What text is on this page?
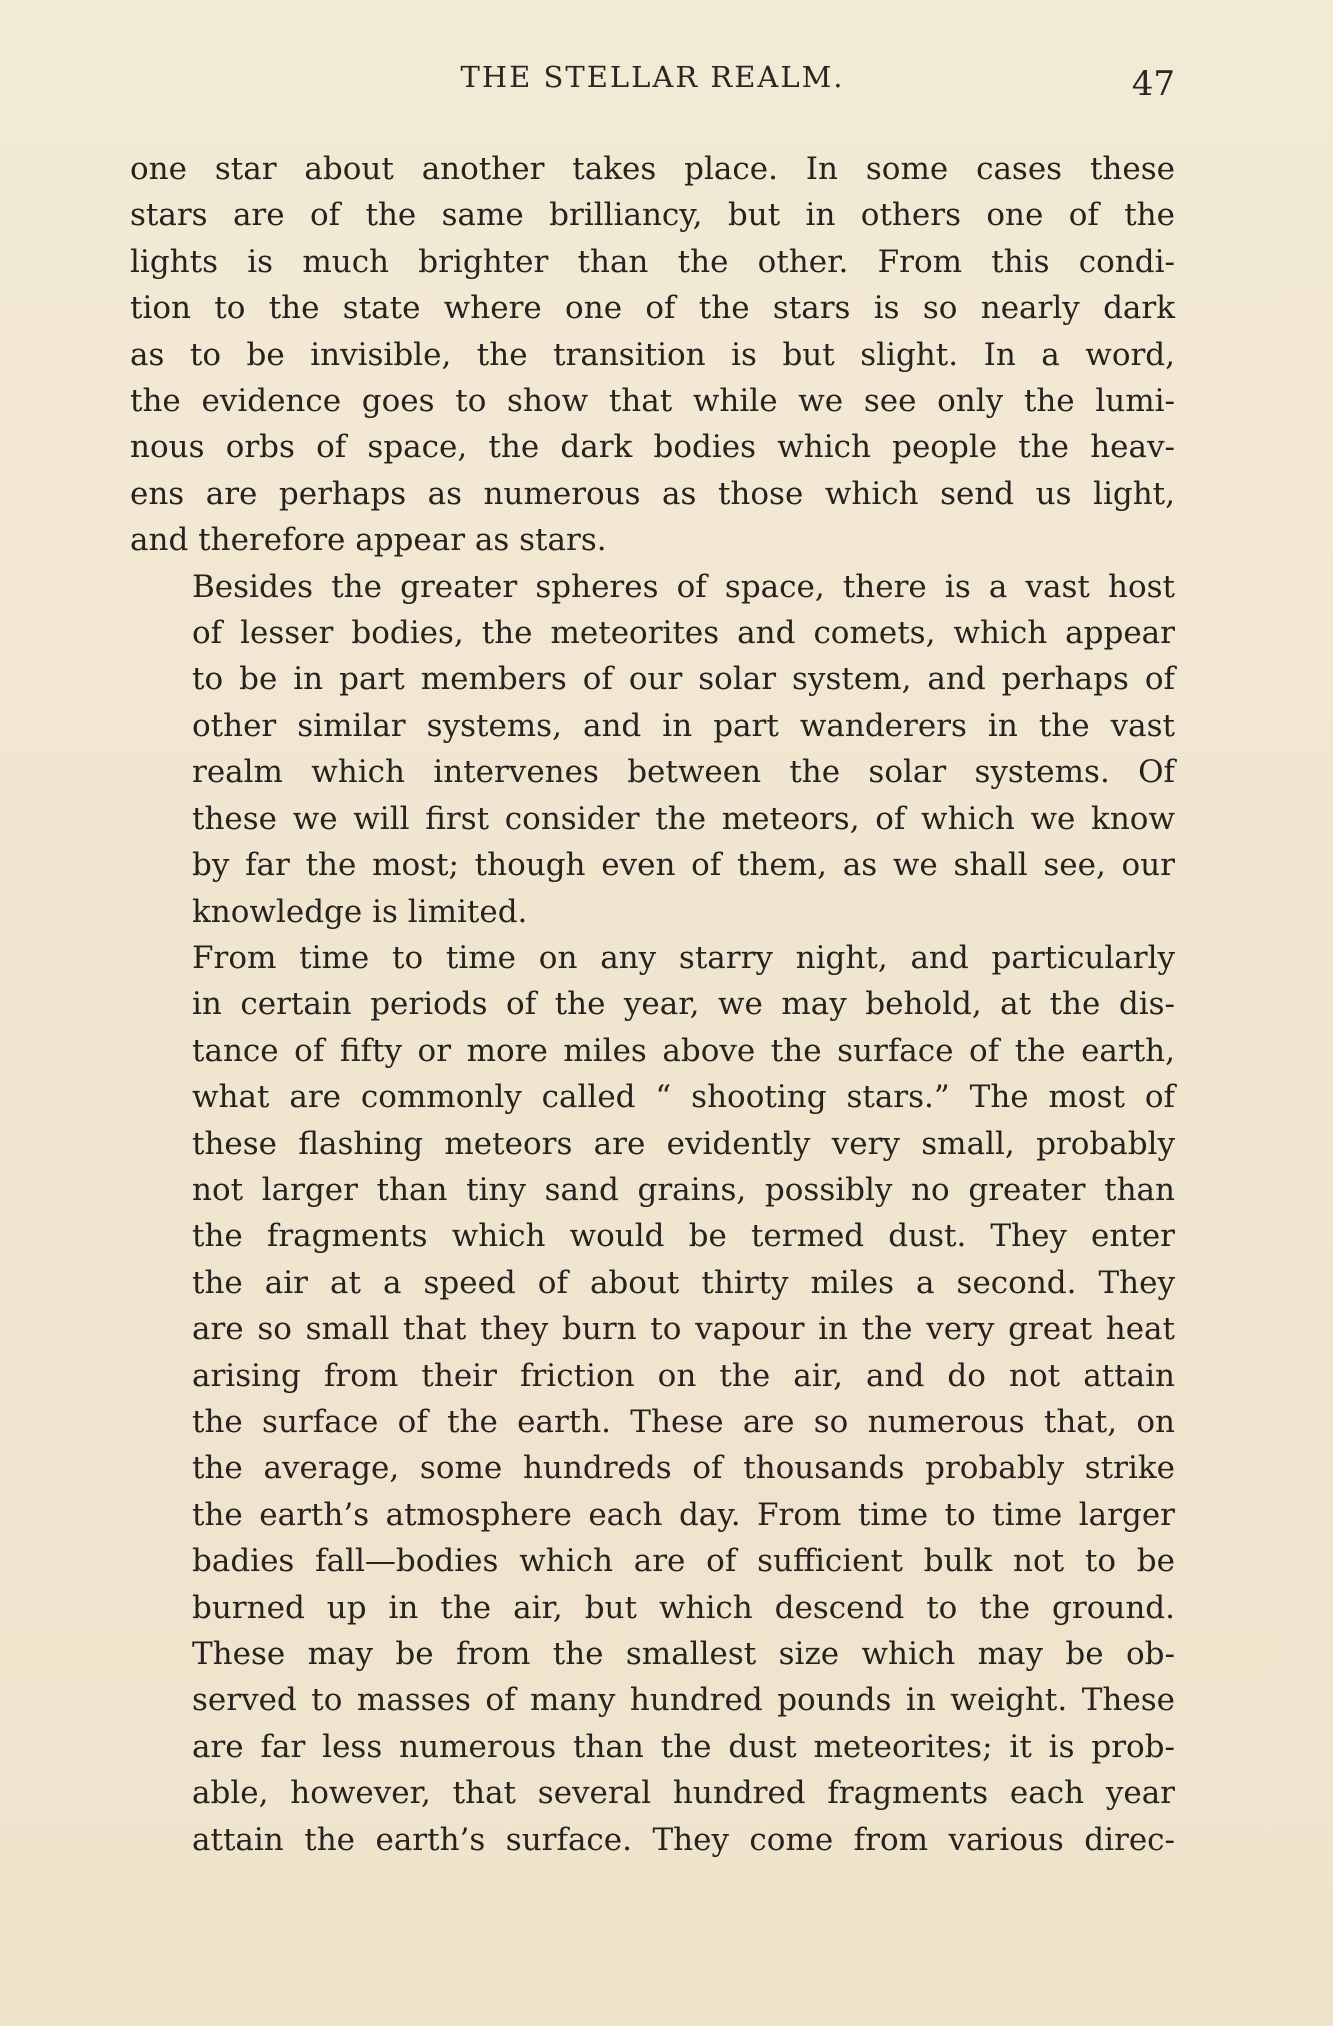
THE STELLAR REALM.	47

one star about another takes place. In some cases these
stars are of the same brilliancy, but in others one of the
lights is much brighter than the other. From this condi-
tion to the state where one of the stars is so nearly dark
as to be invisible, the transition is but slight. In a word,
the evidence goes to show that while we see only the lumi-
nous orbs of space, the dark bodies which people the heav-
ens are perhaps as numerous as those which send us light,
and therefore appear as stars.

Besides the greater spheres of space, there is a vast host
of lesser bodies, the meteorites and comets, which appear
to be in part members of our solar system, and perhaps of
other similar systems, and in part wanderers in the vast
realm which intervenes between the solar systems. Of
these we will first consider the meteors, of which we know
by far the most; though even of them, as we shall see, our
knowledge is limited.

From time to time on any starry night, and particularly
in certain periods of the year, we may behold, at the dis-
tance of fifty or more miles above the surface of the earth,
what are commonly called “ shooting stars.” The most of
these flashing meteors are evidently very small, probably
not larger than tiny sand grains, possibly no greater than
the fragments which would be termed dust. They enter
the air at a speed of about thirty miles a second. They
are so small that they burn to vapour in the very great heat
arising from their friction on the air, and do not attain
the surface of the earth. These are so numerous that, on
the average, some hundreds of thousands probably strike
the earth’s atmosphere each day. From time to time larger
badies fall—bodies which are of sufficient bulk not to be
burned up in the air, but which descend to the ground.
These may be from the smallest size which may be ob-
served to masses of many hundred pounds in weight. These
are far less numerous than the dust meteorites; it is prob-
able, however, that several hundred fragments each year
attain the earth’s surface. They come from various direc-
